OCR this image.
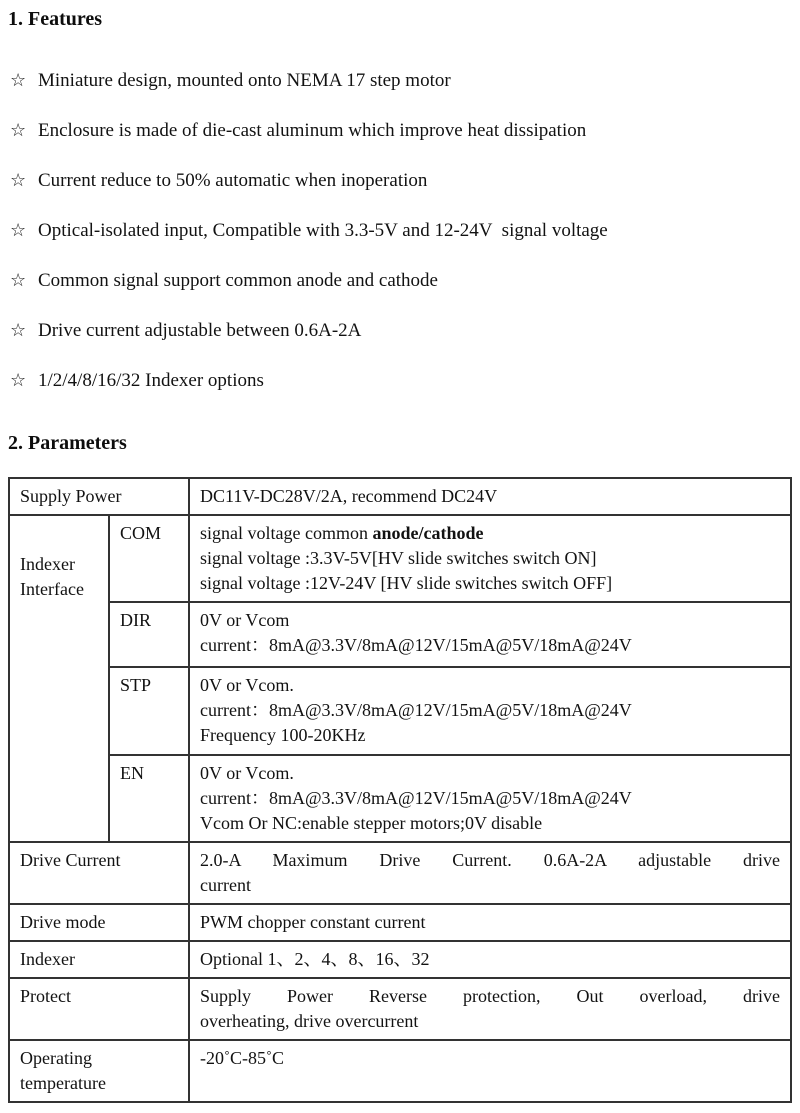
1. Features
☆ Miniature design, mounted onto NEMA 17 step motor
☆ Enclosure is made of die-cast aluminum which improve heat dissipation
☆ Current reduce to 50% automatic when inoperation
☆ Optical-isolated input, Compatible with 3.3-5V and 12-24V  signal voltage
☆ Common signal support common anode and cathode
☆ Drive current adjustable between 0.6A-2A
☆ 1/2/4/8/16/32 Indexer options
2. Parameters
Supply Power		DC11V-DC28V/2A, recommend DC24V
Indexer Interface	COM	signal voltage common anode/cathode
signal voltage :3.3V-5V[HV slide switches switch ON]
signal voltage :12V-24V [HV slide switches switch OFF]

	DIR	0V or Vcom
current：8mA@3.3V/8mA@12V/15mA@5V/18mA@24V

	STP	0V or Vcom.
current：8mA@3.3V/8mA@12V/15mA@5V/18mA@24V
Frequency 100-20KHz

	EN	0V or Vcom.
current：8mA@3.3V/8mA@12V/15mA@5V/18mA@24V
Vcom Or NC:enable stepper motors;0V disable

Drive Current		2.0-A Maximum Drive Current. 0.6A-2A adjustable drive
current

Drive mode		PWM chopper constant current
Indexer		Optional 1、2、4、8、16、32
Protect		Supply Power Reverse protection, Out overload, drive
overheating, drive overcurrent

Operating temperature		-20˚C-85˚C
